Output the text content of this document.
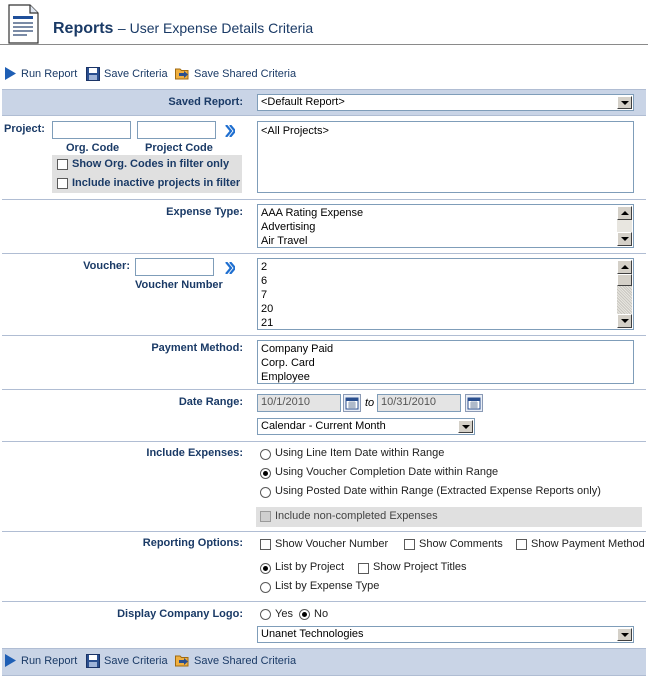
Reports – User Expense Details Criteria
Run Report Save Criteria Save Shared Criteria
Saved Report:	<Default Report>
Project:
Org. Code Project Code
Show Org. Codes in filter only
Include inactive projects in filter
<All Projects>
Expense Type: AAA Rating Expense
Advertising
Air Travel
Voucher:
Voucher Number
2
6
7
20
21
Payment Method: Company Paid
Corp. Card
Employee
Date Range:	10/1/2010	to 10/31/2010
Calendar - Current Month
Include Expenses:	Using Line Item Date within Range
Using Voucher Completion Date within Range
Using Posted Date within Range (Extracted Expense Reports only)
Include non-completed Expenses
Reporting Options:	Show Voucher Number	Show Comments	Show Payment Method
List by Project	Show Project Titles
List by Expense Type
Display Company Logo:	Yes No
Unanet Technologies
Run Report Save Criteria Save Shared Criteria
